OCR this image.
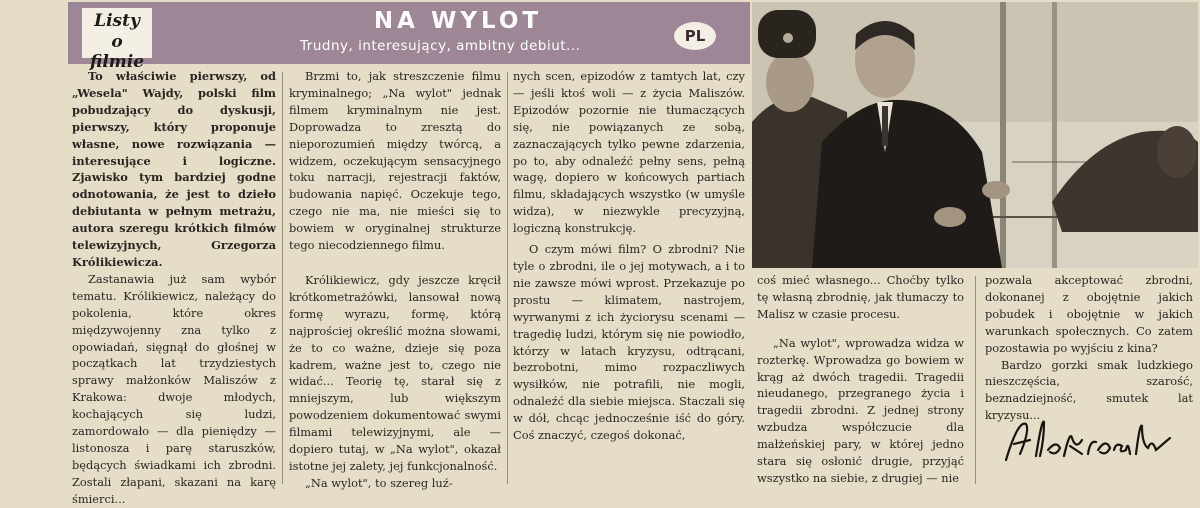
Listy
o filmie
NA WYLOT
Trudny, interesujący, ambitny debiut...
PL

To właściwie pierwszy, od „Wesela" Wajdy, polski film pobudzający do dyskusji, pierwszy, który proponuje własne, nowe rozwiązania — interesujące i logiczne. Zjawisko tym bardziej godne odnotowania, że jest to dzieło debiutanta w pełnym metrażu, autora szeregu krótkich filmów telewizyjnych, Grzegorza Królikiewicza.

Zastanawia już sam wybór tematu. Królikiewicz, należący do pokolenia, które okres międzywojenny zna tylko z opowiadań, sięgnął do głośnej w początkach lat trzydziestych sprawy małżonków Maliszów z Krakowa: dwoje młodych, kochających się ludzi, zamordowało — dla pieniędzy — listonosza i parę staruszków, będących świadkami ich zbrodni. Zostali złapani, skazani na karę śmierci...

Brzmi to, jak streszczenie filmu kryminalnego; „Na wylot" jednak filmem kryminalnym nie jest. Doprowadza to zresztą do nieporozumień między twórcą, a widzem, oczekującym sensacyjnego toku narracji, rejestracji faktów, budowania napięć. Oczekuje tego, czego nie ma, nie mieści się to bowiem w oryginalnej strukturze tego niecodziennego filmu.

Królikiewicz, gdy jeszcze kręcił krótkometrażówki, lansował nową formę wyrazu, formę, którą najprościej określić można słowami, że to co ważne, dzieje się poza kadrem, ważne jest to, czego nie widać... Teorię tę, starał się z mniejszym, lub większym powodzeniem dokumentować swymi filmami telewizyjnymi, ale — dopiero tutaj, w „Na wylot", okazał istotne jej zalety, jej funkcjonalność.

„Na wylot", to szereg luź-

nych scen, epizodów z tamtych lat, czy — jeśli ktoś woli — z życia Maliszów. Epizodów pozornie nie tłumaczących się, nie powiązanych ze sobą, zaznaczających tylko pewne zdarzenia, po to, aby odnaleźć pełny sens, pełną wagę, dopiero w końcowych partiach filmu, składających wszystko (w umyśle widza), w niezwykle precyzyjną, logiczną konstrukcję.

O czym mówi film? O zbrodni? Nie tyle o zbrodni, ile o jej motywach, a i to nie zawsze mówi wprost. Przekazuje po prostu — klimatem, nastrojem, wyrwanymi z ich życiorysu scenami — tragedię ludzi, którym się nie powiodło, którzy w latach kryzysu, odtrącani, bezrobotni, mimo rozpaczliwych wysiłków, nie potrafili, nie mogli, odnaleźć dla siebie miejsca. Staczali się w dół, chcąc jednocześnie iść do góry. Coś znaczyć, czegoś dokonać,

coś mieć własnego... Choćby tylko tę własną zbrodnię, jak tłumaczy to Malisz w czasie procesu.

„Na wylot", wprowadza widza w rozterkę. Wprowadza go bowiem w krąg aż dwóch tragedii. Tragedii nieudanego, przegranego życia i tragedii zbrodni. Z jednej strony wzbudza współczucie dla małżeńskiej pary, w której jedno stara się osłonić drugie, przyjąć wszystko na siebie, z drugiej — nie

pozwala akceptować zbrodni, dokonanej z obojętnie jakich pobudek i obojętnie w jakich warunkach społecznych. Co zatem pozostawia po wyjściu z kina?

Bardzo gorzki smak ludzkiego nieszczęścia, szarość, beznadziejność, smutek lat kryzysu...
